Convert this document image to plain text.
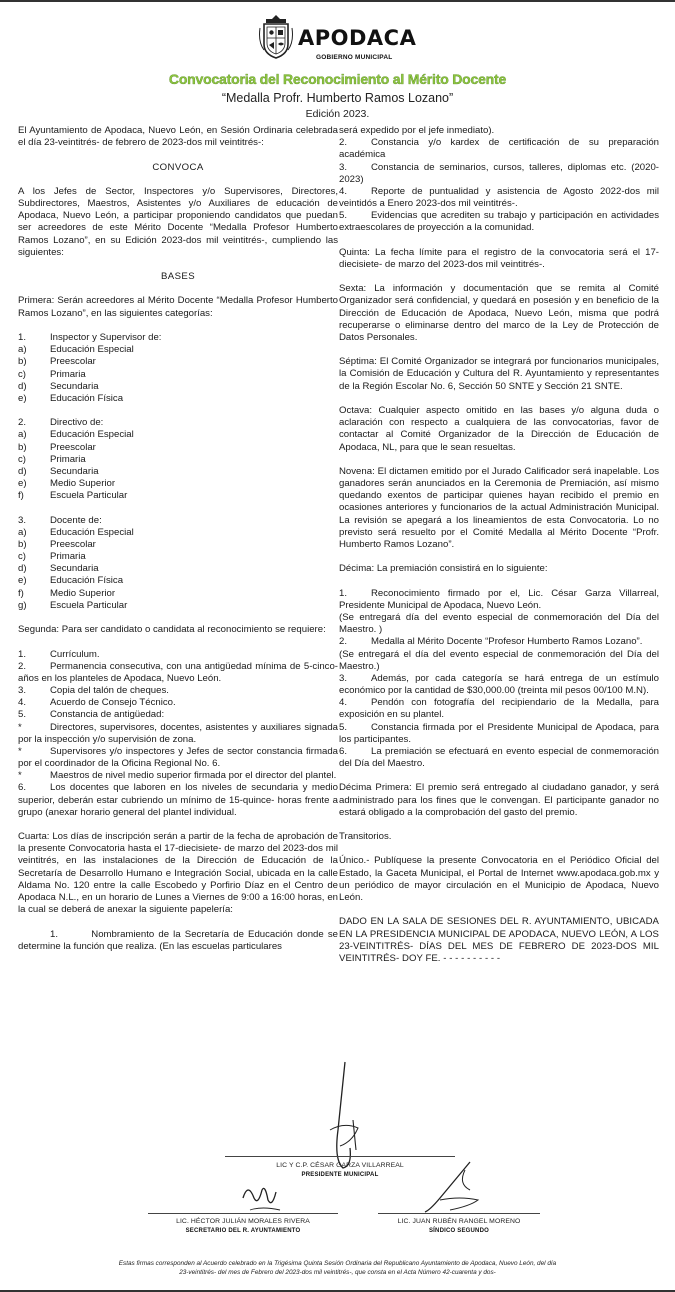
APODACA
GOBIERNO MUNICIPAL
Convocatoria del Reconocimiento al Mérito Docente
“Medalla Profr. Humberto Ramos Lozano”
Edición 2023.

El Ayuntamiento de Apodaca, Nuevo León, en Sesión Ordinaria celebrada el día 23-veintitrés- de febrero de 2023-dos mil veintitrés-:

CONVOCA

A los Jefes de Sector, Inspectores y/o Supervisores, Directores, Subdirectores, Maestros, Asistentes y/o Auxiliares de educación de Apodaca, Nuevo León, a participar proponiendo candidatos que puedan ser acreedores de este Mérito Docente “Medalla Profesor Humberto Ramos Lozano”, en su Edición 2023-dos mil veintitrés-, cumpliendo las siguientes:

BASES

Primera: Serán acreedores al Mérito Docente “Medalla Profesor Humberto Ramos Lozano”, en las siguientes categorías:

1.	Inspector y Supervisor de:
a)	Educación Especial
b)	Preescolar
c)	Primaria
d)	Secundaria
e)	Educación Física
2.	Directivo de:
a)	Educación Especial
b)	Preescolar
c)	Primaria
d)	Secundaria
e)	Medio Superior
f)	Escuela Particular
3.	Docente de:
a)	Educación Especial
b)	Preescolar
c)	Primaria
d)	Secundaria
e)	Educación Física
f)	Medio Superior
g)	Escuela Particular

Segunda: Para ser candidato o candidata al reconocimiento se requiere:

1. Currículum.
2. Permanencia consecutiva, con una antigüedad mínima de 5-cinco- años en los planteles de Apodaca, Nuevo León.
3. Copia del talón de cheques.
4. Acuerdo de Consejo Técnico.
5. Constancia de antigüedad:
*	Directores, supervisores, docentes, asistentes y auxiliares signada por la inspección y/o supervisión de zona.
*	Supervisores y/o inspectores y Jefes de sector constancia firmada por el coordinador de la Oficina Regional No. 6.
*	Maestros de nivel medio superior firmada por el director del plantel.
6. Los docentes que laboren en los niveles de secundaria y medio superior, deberán estar cubriendo un mínimo de 15-quince- horas frente a grupo (anexar horario general del plantel individual.

Cuarta: Los días de inscripción serán a partir de la fecha de aprobación de la presente Convocatoria hasta el 17-diecisiete- de marzo del 2023-dos mil veintitrés, en las instalaciones de la Dirección de Educación de la Secretaría de Desarrollo Humano e Integración Social, ubicada en la calle Aldama No. 120 entre la calle Escobedo y Porfirio Díaz en el Centro de Apodaca N.L., en un horario de Lunes a Viernes de 9:00 a 16:00 horas, en la cual se deberá de anexar la siguiente papelería:

1.	Nombramiento de la Secretaría de Educación donde se determine la función que realiza. (En las escuelas particulares

será expedido por el jefe inmediato).

2. Constancia y/o kardex de certificación de su preparación académica
3. Constancia de seminarios, cursos, talleres, diplomas etc. (2020-2023)
4. Reporte de puntualidad y asistencia de Agosto 2022-dos mil veintidós a Enero 2023-dos mil veintitrés-.
5. Evidencias que acrediten su trabajo y participación en actividades extraescolares de proyección a la comunidad.

Quinta: La fecha límite para el registro de la convocatoria será el 17-diecisiete- de marzo del 2023-dos mil veintitrés-.

Sexta: La información y documentación que se remita al Comité Organizador será confidencial, y quedará en posesión y en beneficio de la Dirección de Educación de Apodaca, Nuevo León, misma que podrá recuperarse o eliminarse dentro del marco de la Ley de Protección de Datos Personales.

Séptima: El Comité Organizador se integrará por funcionarios municipales, la Comisión de Educación y Cultura del R. Ayuntamiento y representantes de la Región Escolar No. 6, Sección 50 SNTE y Sección 21 SNTE.

Octava: Cualquier aspecto omitido en las bases y/o alguna duda o aclaración con respecto a cualquiera de las convocatorias, favor de contactar al Comité Organizador de la Dirección de Educación de Apodaca, NL, para que le sean resueltas.

Novena: El dictamen emitido por el Jurado Calificador será inapelable. Los ganadores serán anunciados en la Ceremonia de Premiación, así mismo quedando exentos de participar quienes hayan recibido el premio en ocasiones anteriores y funcionarios de la actual Administración Municipal. La revisión se apegará a los lineamientos de esta Convocatoria. Lo no previsto será resuelto por el Comité Medalla al Mérito Docente “Profr. Humberto Ramos Lozano”.

Décima: La premiación consistirá en lo siguiente:

1. Reconocimiento firmado por el, Lic. César Garza Villarreal, Presidente Municipal de Apodaca, Nuevo León.

(Se entregará día del evento especial de conmemoración del Día del Maestro. )

2. Medalla al Mérito Docente “Profesor Humberto Ramos Lozano”.

(Se entregará el día del evento especial de conmemoración del Día del Maestro.)

3. Además, por cada categoría se hará entrega de un estímulo económico por la cantidad de $30,000.00 (treinta mil pesos 00/100 M.N).
4. Pendón con fotografía del recipiendario de la Medalla, para exposición en su plantel.
5. Constancia firmada por el Presidente Municipal de Apodaca, para los participantes.
6. La premiación se efectuará en evento especial de conmemoración del Día del Maestro.

Décima Primera: El premio será entregado al ciudadano ganador, y será administrado para los fines que le convengan. El participante ganador no estará obligado a la comprobación del gasto del premio.

Transitorios.

Único.- Publíquese la presente Convocatoria en el Periódico Oficial del Estado, la Gaceta Municipal, el Portal de Internet www.apodaca.gob.mx y un periódico de mayor circulación en el Municipio de Apodaca, Nuevo León.

DADO EN LA SALA DE SESIONES DEL R. AYUNTAMIENTO, UBICADA EN LA PRESIDENCIA MUNICIPAL DE APODACA, NUEVO LEÓN, A LOS 23-VEINTITRÉS- DÍAS DEL MES DE FEBRERO DE 2023-DOS MIL VEINTITRÉS- DOY FE. - - - - - - - - - -

LIC Y C.P. CÉSAR GARZA VILLARREAL
PRESIDENTE MUNICIPAL
LIC. HÉCTOR JULIÁN MORALES RIVERA
SECRETARIO DEL R. AYUNTAMIENTO
LIC. JUAN RUBÉN RANGEL MORENO
SÍNDICO SEGUNDO
Estas firmas corresponden al Acuerdo celebrado en la Trigésima Quinta Sesión Ordinaria del Republicano Ayuntamiento de Apodaca, Nuevo León, del día
23-veintitrés- del mes de Febrero del 2023-dos mil veintitrés-, que consta en el Acta Número 42-cuarenta y dos-
